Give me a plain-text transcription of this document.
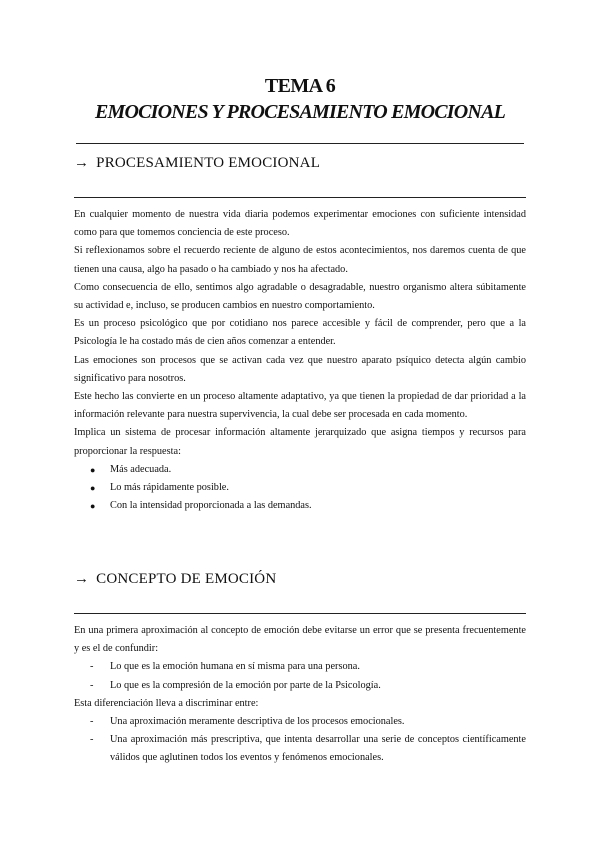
TEMA 6
EMOCIONES Y PROCESAMIENTO EMOCIONAL
→ PROCESAMIENTO EMOCIONAL

En cualquier momento de nuestra vida diaria podemos experimentar emociones con suficiente intensidad como para que tomemos conciencia de este proceso.

Si reflexionamos sobre el recuerdo reciente de alguno de estos acontecimientos, nos daremos cuenta de que tienen una causa, algo ha pasado o ha cambiado y nos ha afectado.

Como consecuencia de ello, sentimos algo agradable o desagradable, nuestro organismo altera súbitamente su actividad e, incluso, se producen cambios en nuestro comportamiento.

Es un proceso psicológico que por cotidiano nos parece accesible y fácil de comprender, pero que a la Psicología le ha costado más de cien años comenzar a entender.

Las emociones son procesos que se activan cada vez que nuestro aparato psíquico detecta algún cambio significativo para nosotros.

Este hecho las convierte en un proceso altamente adaptativo, ya que tienen la propiedad de dar prioridad a la información relevante para nuestra supervivencia, la cual debe ser procesada en cada momento.

Implica un sistema de procesar información altamente jerarquizado que asigna tiempos y recursos para proporcionar la respuesta:

● Más adecuada.
● Lo más rápidamente posible.
● Con la intensidad proporcionada a las demandas.
→ CONCEPTO DE EMOCIÓN

En una primera aproximación al concepto de emoción debe evitarse un error que se presenta frecuentemente y es el de confundir:

- Lo que es la emoción humana en sí misma para una persona.
- Lo que es la compresión de la emoción por parte de la Psicología.

Esta diferenciación lleva a discriminar entre:

- Una aproximación meramente descriptiva de los procesos emocionales.
- Una aproximación más prescriptiva, que intenta desarrollar una serie de conceptos científicamente válidos que aglutinen todos los eventos y fenómenos emocionales.
